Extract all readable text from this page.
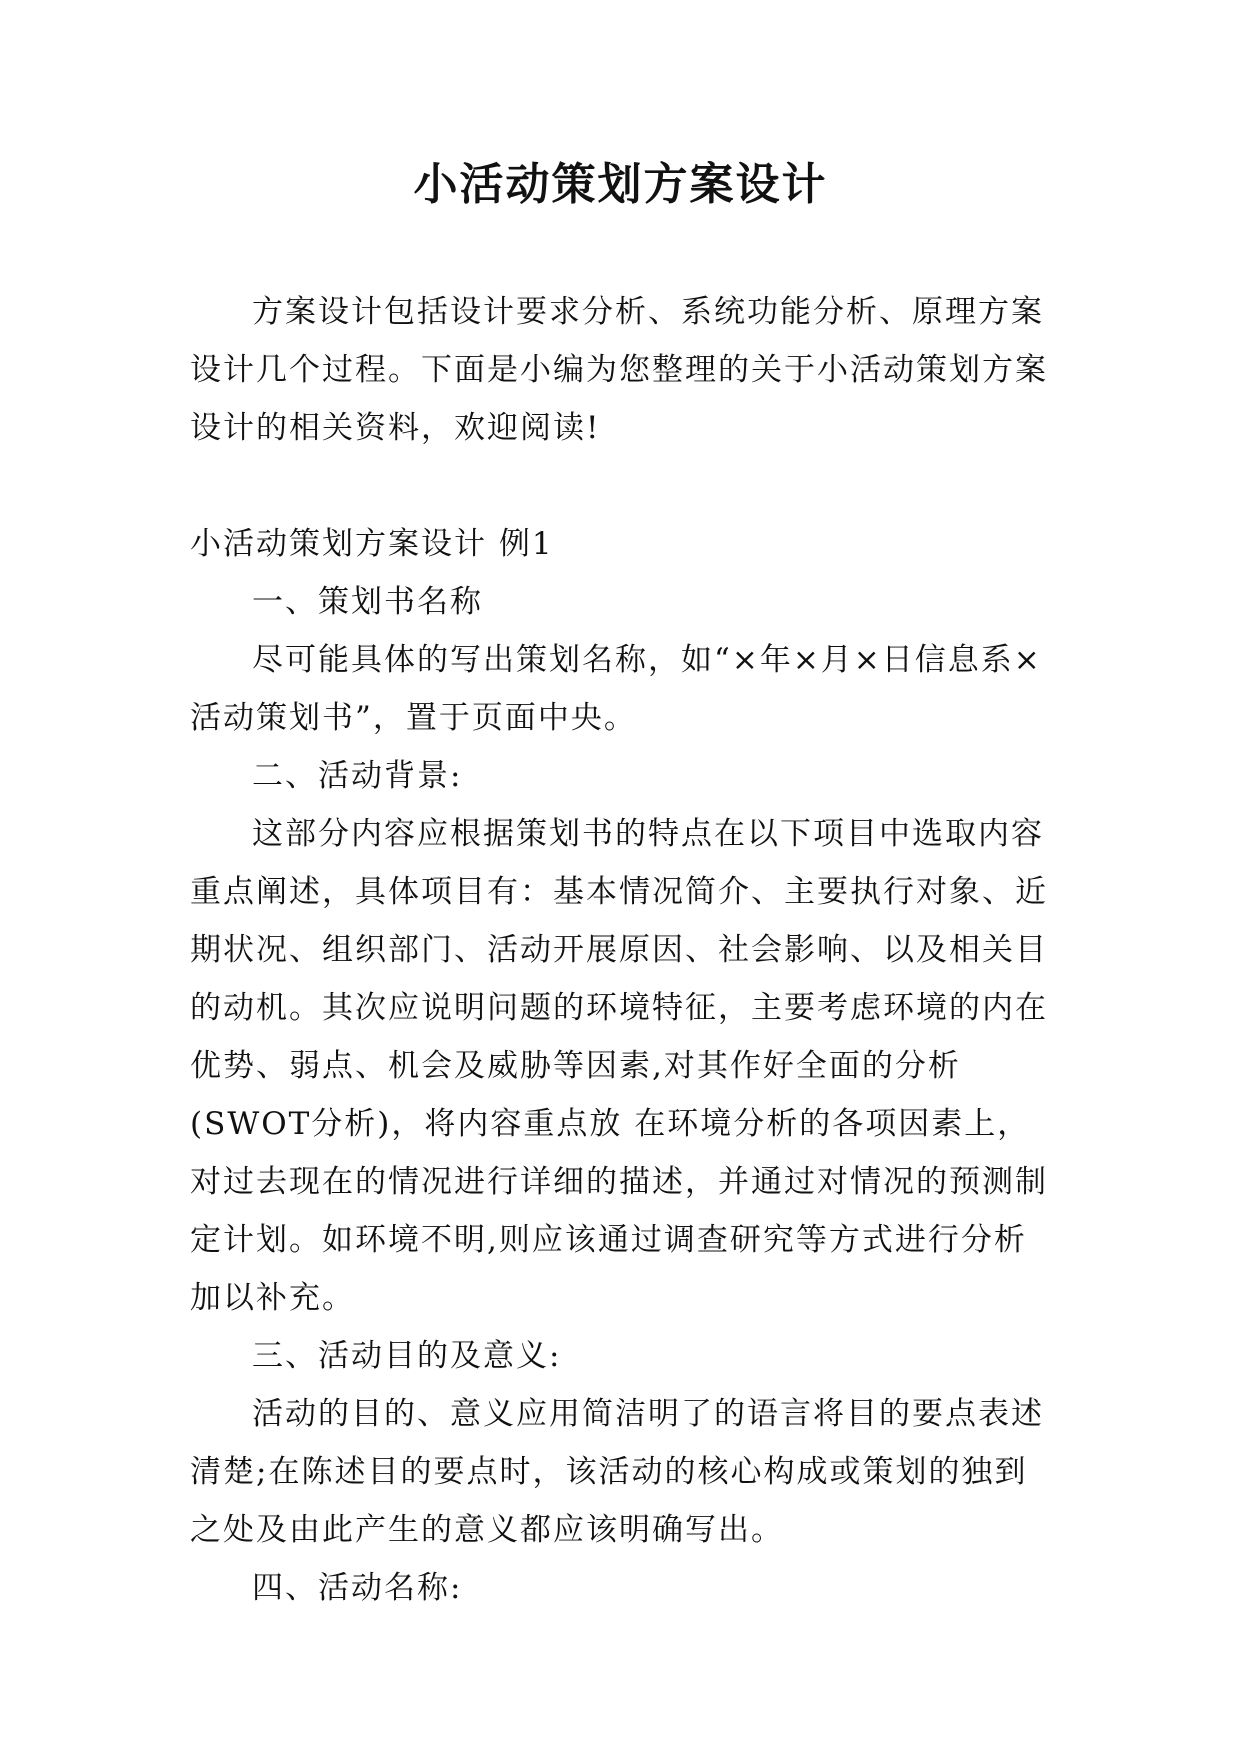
小活动策划方案设计

方案设计包括设计要求分析、系统功能分析、原理方案设计几个过程。下面是小编为您整理的关于小活动策划方案设计的相关资料，欢迎阅读!

小活动策划方案设计 例1

一、策划书名称

尽可能具体的写出策划名称，如“×年×月×日信息系×活动策划书”，置于页面中央。

二、活动背景:

这部分内容应根据策划书的特点在以下项目中选取内容重点阐述，具体项目有：基本情况简介、主要执行对象、近期状况、组织部门、活动开展原因、社会影响、以及相关目的动机。其次应说明问题的环境特征，主要考虑环境的内在优势、弱点、机会及威胁等因素,对其作好全面的分析(SWOT分析)，将内容重点放 在环境分析的各项因素上，对过去现在的情况进行详细的描述，并通过对情况的预测制定计划。如环境不明,则应该通过调查研究等方式进行分析加以补充。

三、活动目的及意义:

活动的目的、意义应用简洁明了的语言将目的要点表述清楚;在陈述目的要点时，该活动的核心构成或策划的独到之处及由此产生的意义都应该明确写出。

四、活动名称:
